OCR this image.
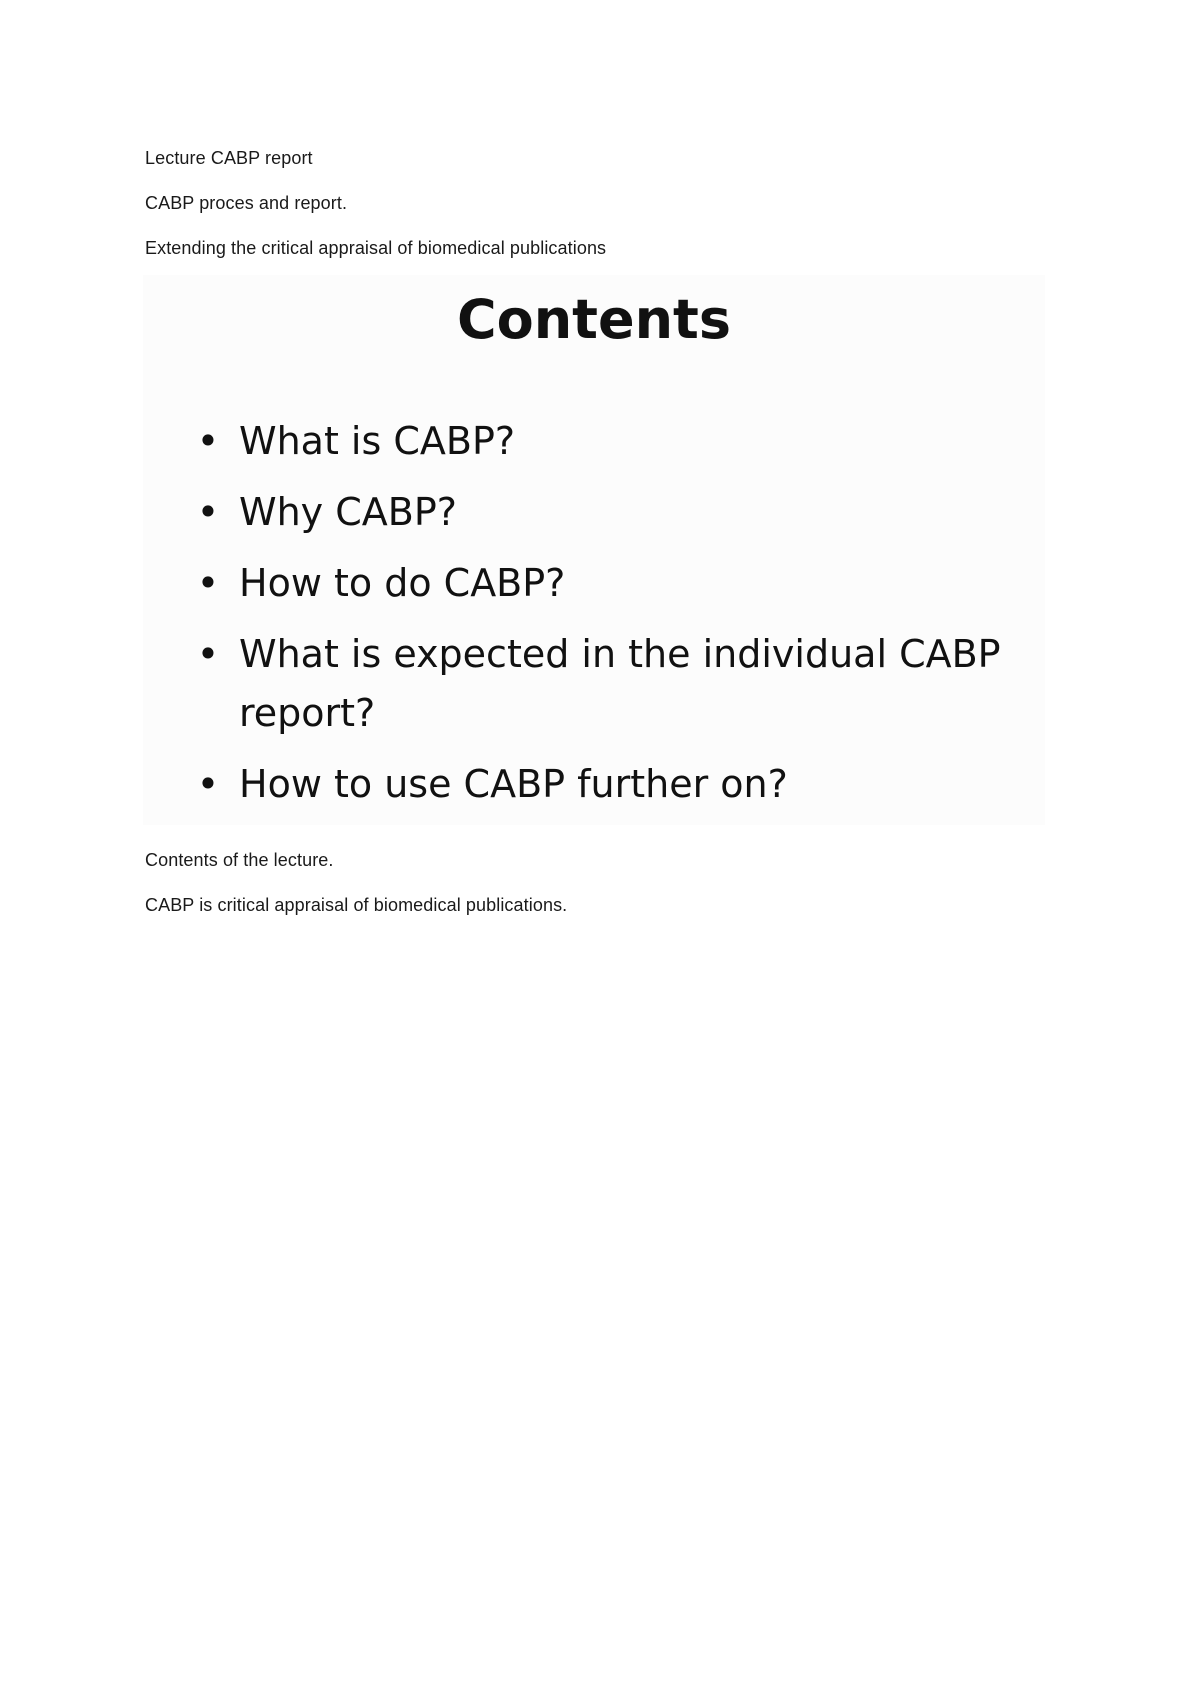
Lecture CABP report
CABP proces and report.
Extending the critical appraisal of biomedical publications
Contents
• What is CABP?
• Why CABP?
• How to do CABP?
• What is expected in the individual CABP report?
• How to use CABP further on?
Contents of the lecture.
CABP is critical appraisal of biomedical publications.
